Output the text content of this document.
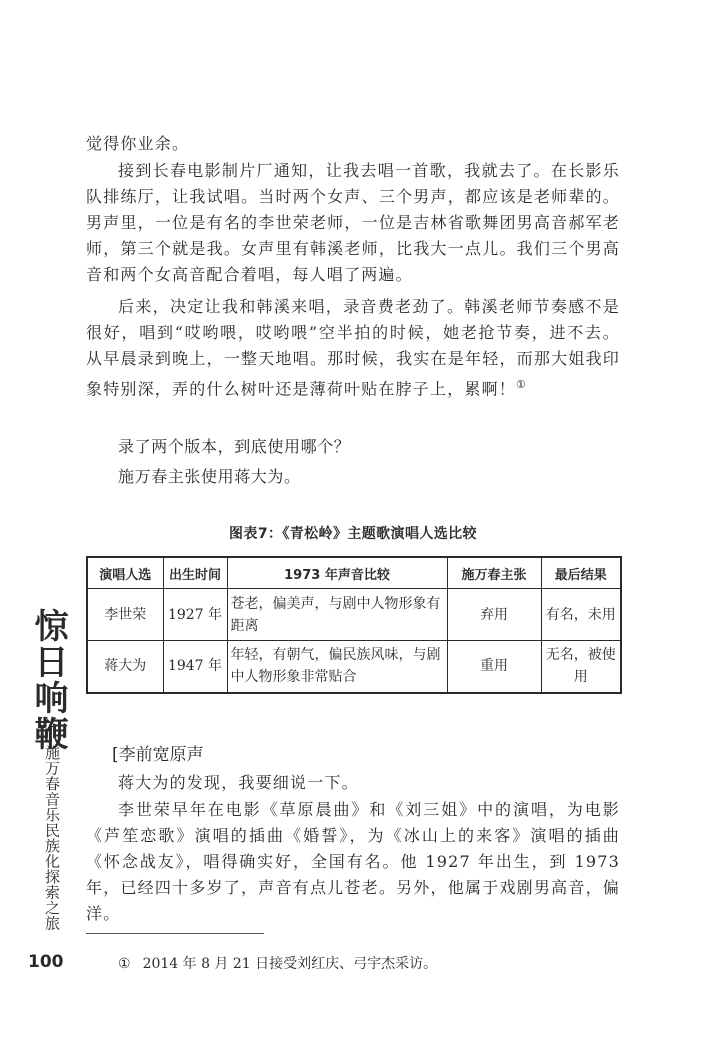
觉得你业余。

接到长春电影制片厂通知，让我去唱一首歌，我就去了。在长影乐队排练厅，让我试唱。当时两个女声、三个男声，都应该是老师辈的。男声里，一位是有名的李世荣老师，一位是吉林省歌舞团男高音郝军老师，第三个就是我。女声里有韩溪老师，比我大一点儿。我们三个男高音和两个女高音配合着唱，每人唱了两遍。

后来，决定让我和韩溪来唱，录音费老劲了。韩溪老师节奏感不是很好，唱到“哎哟喂，哎哟喂”空半拍的时候，她老抢节奏，进不去。从早晨录到晚上，一整天地唱。那时候，我实在是年轻，而那大姐我印象特别深，弄的什么树叶还是薄荷叶贴在脖子上，累啊！①

录了两个版本，到底使用哪个？

施万春主张使用蒋大为。

图表7：《青松岭》主题歌演唱人选比较

演唱人选	出生时间	1973 年声音比较	施万春主张	最后结果
李世荣	1927 年	苍老，偏美声，与剧中人物形象有距离	弃用	有名，未用
蒋大为	1947 年	年轻，有朝气，偏民族风味，与剧中人物形象非常贴合	重用	无名，被使用
惊日响鞭
施万春音乐民族化探索之旅	[李前宽原声

蒋大为的发现，我要细说一下。

李世荣早年在电影《草原晨曲》和《刘三姐》中的演唱，为电影《芦笙恋歌》演唱的插曲《婚誓》，为《冰山上的来客》演唱的插曲《怀念战友》，唱得确实好，全国有名。他 1927 年出生，到 1973 年，已经四十多岁了，声音有点儿苍老。另外，他属于戏剧男高音，偏洋。

100	① 2014 年 8 月 21 日接受刘红庆、弓宇杰采访。
